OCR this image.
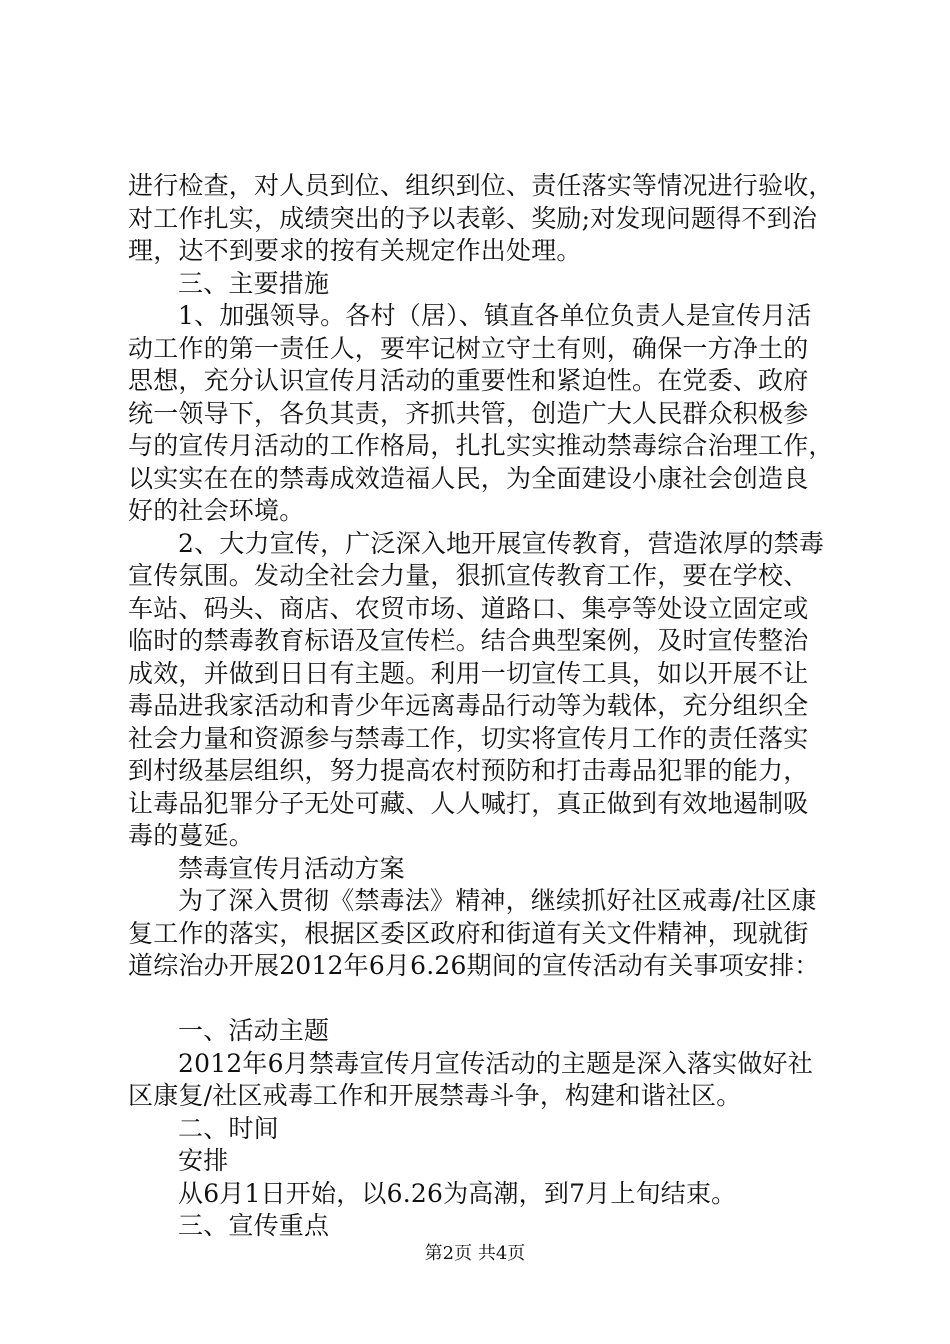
进行检查，对人员到位、组织到位、责任落实等情况进行验收，
对工作扎实，成绩突出的予以表彰、奖励;对发现问题得不到治
理，达不到要求的按有关规定作出处理。
三、主要措施
1、加强领导。各村（居）、镇直各单位负责人是宣传月活
动工作的第一责任人，要牢记树立守土有则，确保一方净土的
思想，充分认识宣传月活动的重要性和紧迫性。在党委、政府
统一领导下，各负其责，齐抓共管，创造广大人民群众积极参
与的宣传月活动的工作格局，扎扎实实推动禁毒综合治理工作，
以实实在在的禁毒成效造福人民，为全面建设小康社会创造良
好的社会环境。
2、大力宣传，广泛深入地开展宣传教育，营造浓厚的禁毒
宣传氛围。发动全社会力量，狠抓宣传教育工作，要在学校、
车站、码头、商店、农贸市场、道路口、集亭等处设立固定或
临时的禁毒教育标语及宣传栏。结合典型案例，及时宣传整治
成效，并做到日日有主题。利用一切宣传工具，如以开展不让
毒品进我家活动和青少年远离毒品行动等为载体，充分组织全
社会力量和资源参与禁毒工作，切实将宣传月工作的责任落实
到村级基层组织，努力提高农村预防和打击毒品犯罪的能力，
让毒品犯罪分子无处可藏、人人喊打，真正做到有效地遏制吸
毒的蔓延。
禁毒宣传月活动方案
为了深入贯彻《禁毒法》精神，继续抓好社区戒毒/社区康
复工作的落实，根据区委区政府和街道有关文件精神，现就街
道综治办开展2012年6月6.26期间的宣传活动有关事项安排：
一、活动主题
2012年6月禁毒宣传月宣传活动的主题是深入落实做好社
区康复/社区戒毒工作和开展禁毒斗争，构建和谐社区。
二、时间
安排
从6月1日开始，以6.26为高潮，到7月上旬结束。
三、宣传重点
第2页 共4页
